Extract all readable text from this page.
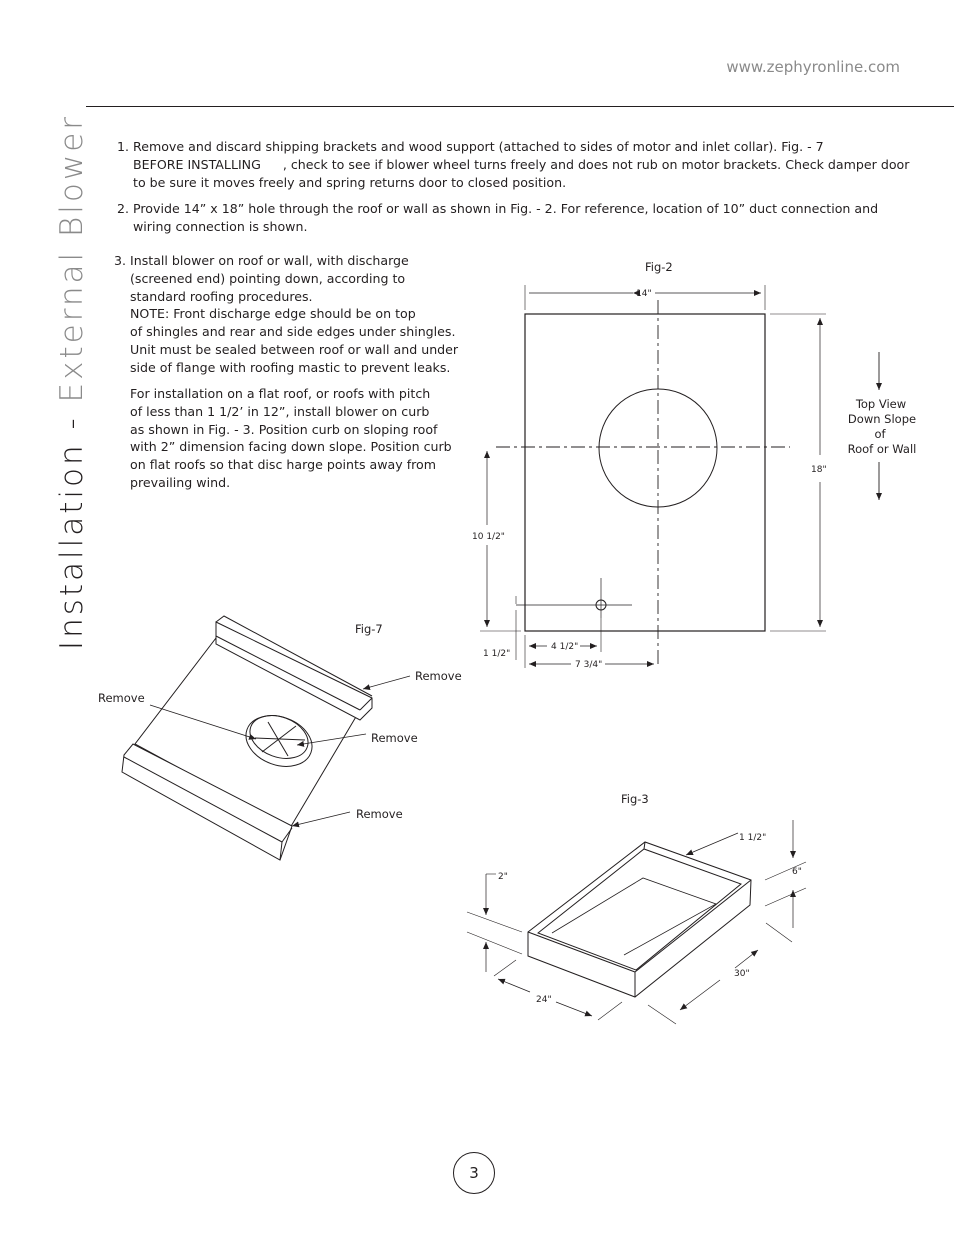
www.zephyronline.com
Installation - External Blower 1. Remove and discard shipping brackets and wood support (attached to sides of motor and inlet collar). Fig. - 7
BEFORE INSTALLING , check to see if blower wheel turns freely and does not rub on motor brackets. Check damper door
to be sure it moves freely and spring returns door to closed position.
2. Provide 14” x 18” hole through the roof or wall as shown in Fig. - 2. For reference, location of 10” duct connection and
wiring connection is shown.
3. Install blower on roof or wall, with discharge
(screened end) pointing down, according to
standard roofing procedures.
NOTE: Front discharge edge should be on top
of shingles and rear and side edges under shingles.
Unit must be sealed between roof or wall and under
side of flange with roofing mastic to prevent leaks.
For installation on a flat roof, or roofs with pitch
of less than 1 1/2’ in 12”, install blower on curb
as shown in Fig. - 3. Position curb on sloping roof
with 2” dimension facing down slope. Position curb
on flat roofs so that disc harge points away from
prevailing wind.
Fig-2
14"
18"
10 1/2"
1 1/2"
4 1/2"
7 3/4"
Top View
Down Slope
of
Roof or Wall
Fig-7
Remove
Remove
Remove
Remove
Fig-3
1 1/2"
6"
2"
30"
24"
3
